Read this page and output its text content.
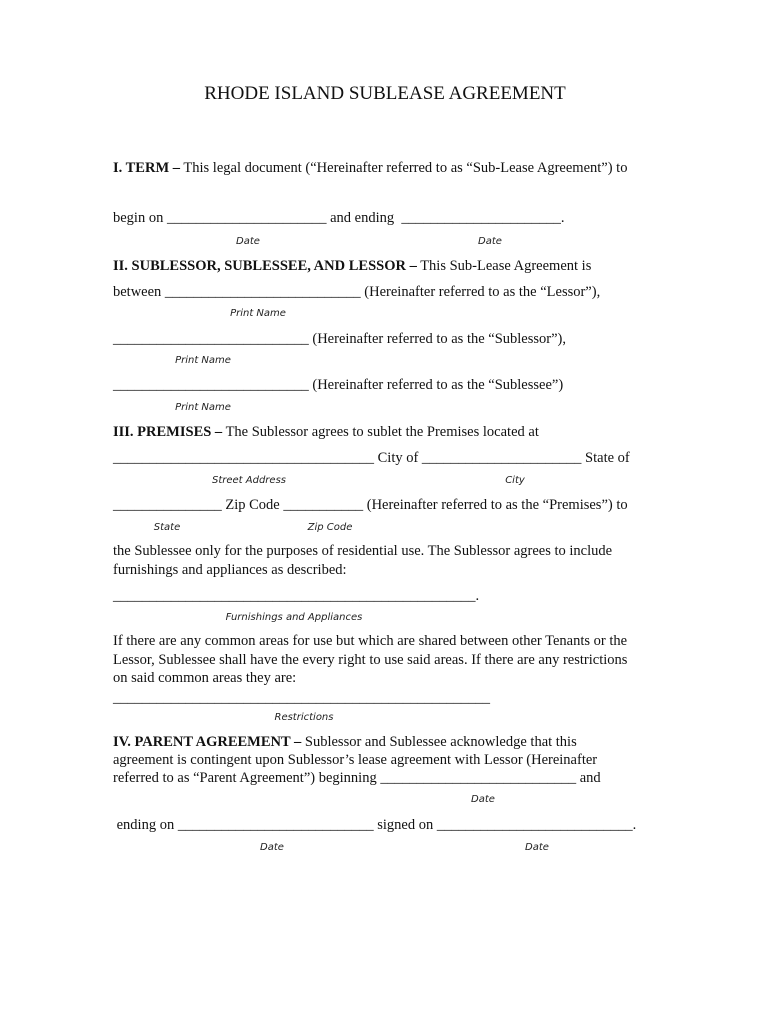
RHODE ISLAND SUBLEASE AGREEMENT
I. TERM – This legal document (“Hereinafter referred to as “Sub-Lease Agreement”) to
begin on ______________________ and ending  ______________________.
Date	Date
II. SUBLESSOR, SUBLESSEE, AND LESSOR – This Sub-Lease Agreement is
between ___________________________ (Hereinafter referred to as the “Lessor”),
Print Name
___________________________ (Hereinafter referred to as the “Sublessor”),
Print Name
___________________________ (Hereinafter referred to as the “Sublessee”)
Print Name
III. PREMISES – The Sublessor agrees to sublet the Premises located at
____________________________________ City of ______________________ State of
Street Address	City
_______________ Zip Code ___________ (Hereinafter referred to as the “Premises”) to
State	Zip Code
the Sublessee only for the purposes of residential use. The Sublessor agrees to include
furnishings and appliances as described:
__________________________________________________.
Furnishings and Appliances
If there are any common areas for use but which are shared between other Tenants or the
Lessor, Sublessee shall have the every right to use said areas. If there are any restrictions
on said common areas they are:
____________________________________________________
Restrictions
IV. PARENT AGREEMENT – Sublessor and Sublessee acknowledge that this
agreement is contingent upon Sublessor’s lease agreement with Lessor (Hereinafter
referred to as “Parent Agreement”) beginning ___________________________ and
Date
ending on ___________________________ signed on ___________________________.
Date	Date
